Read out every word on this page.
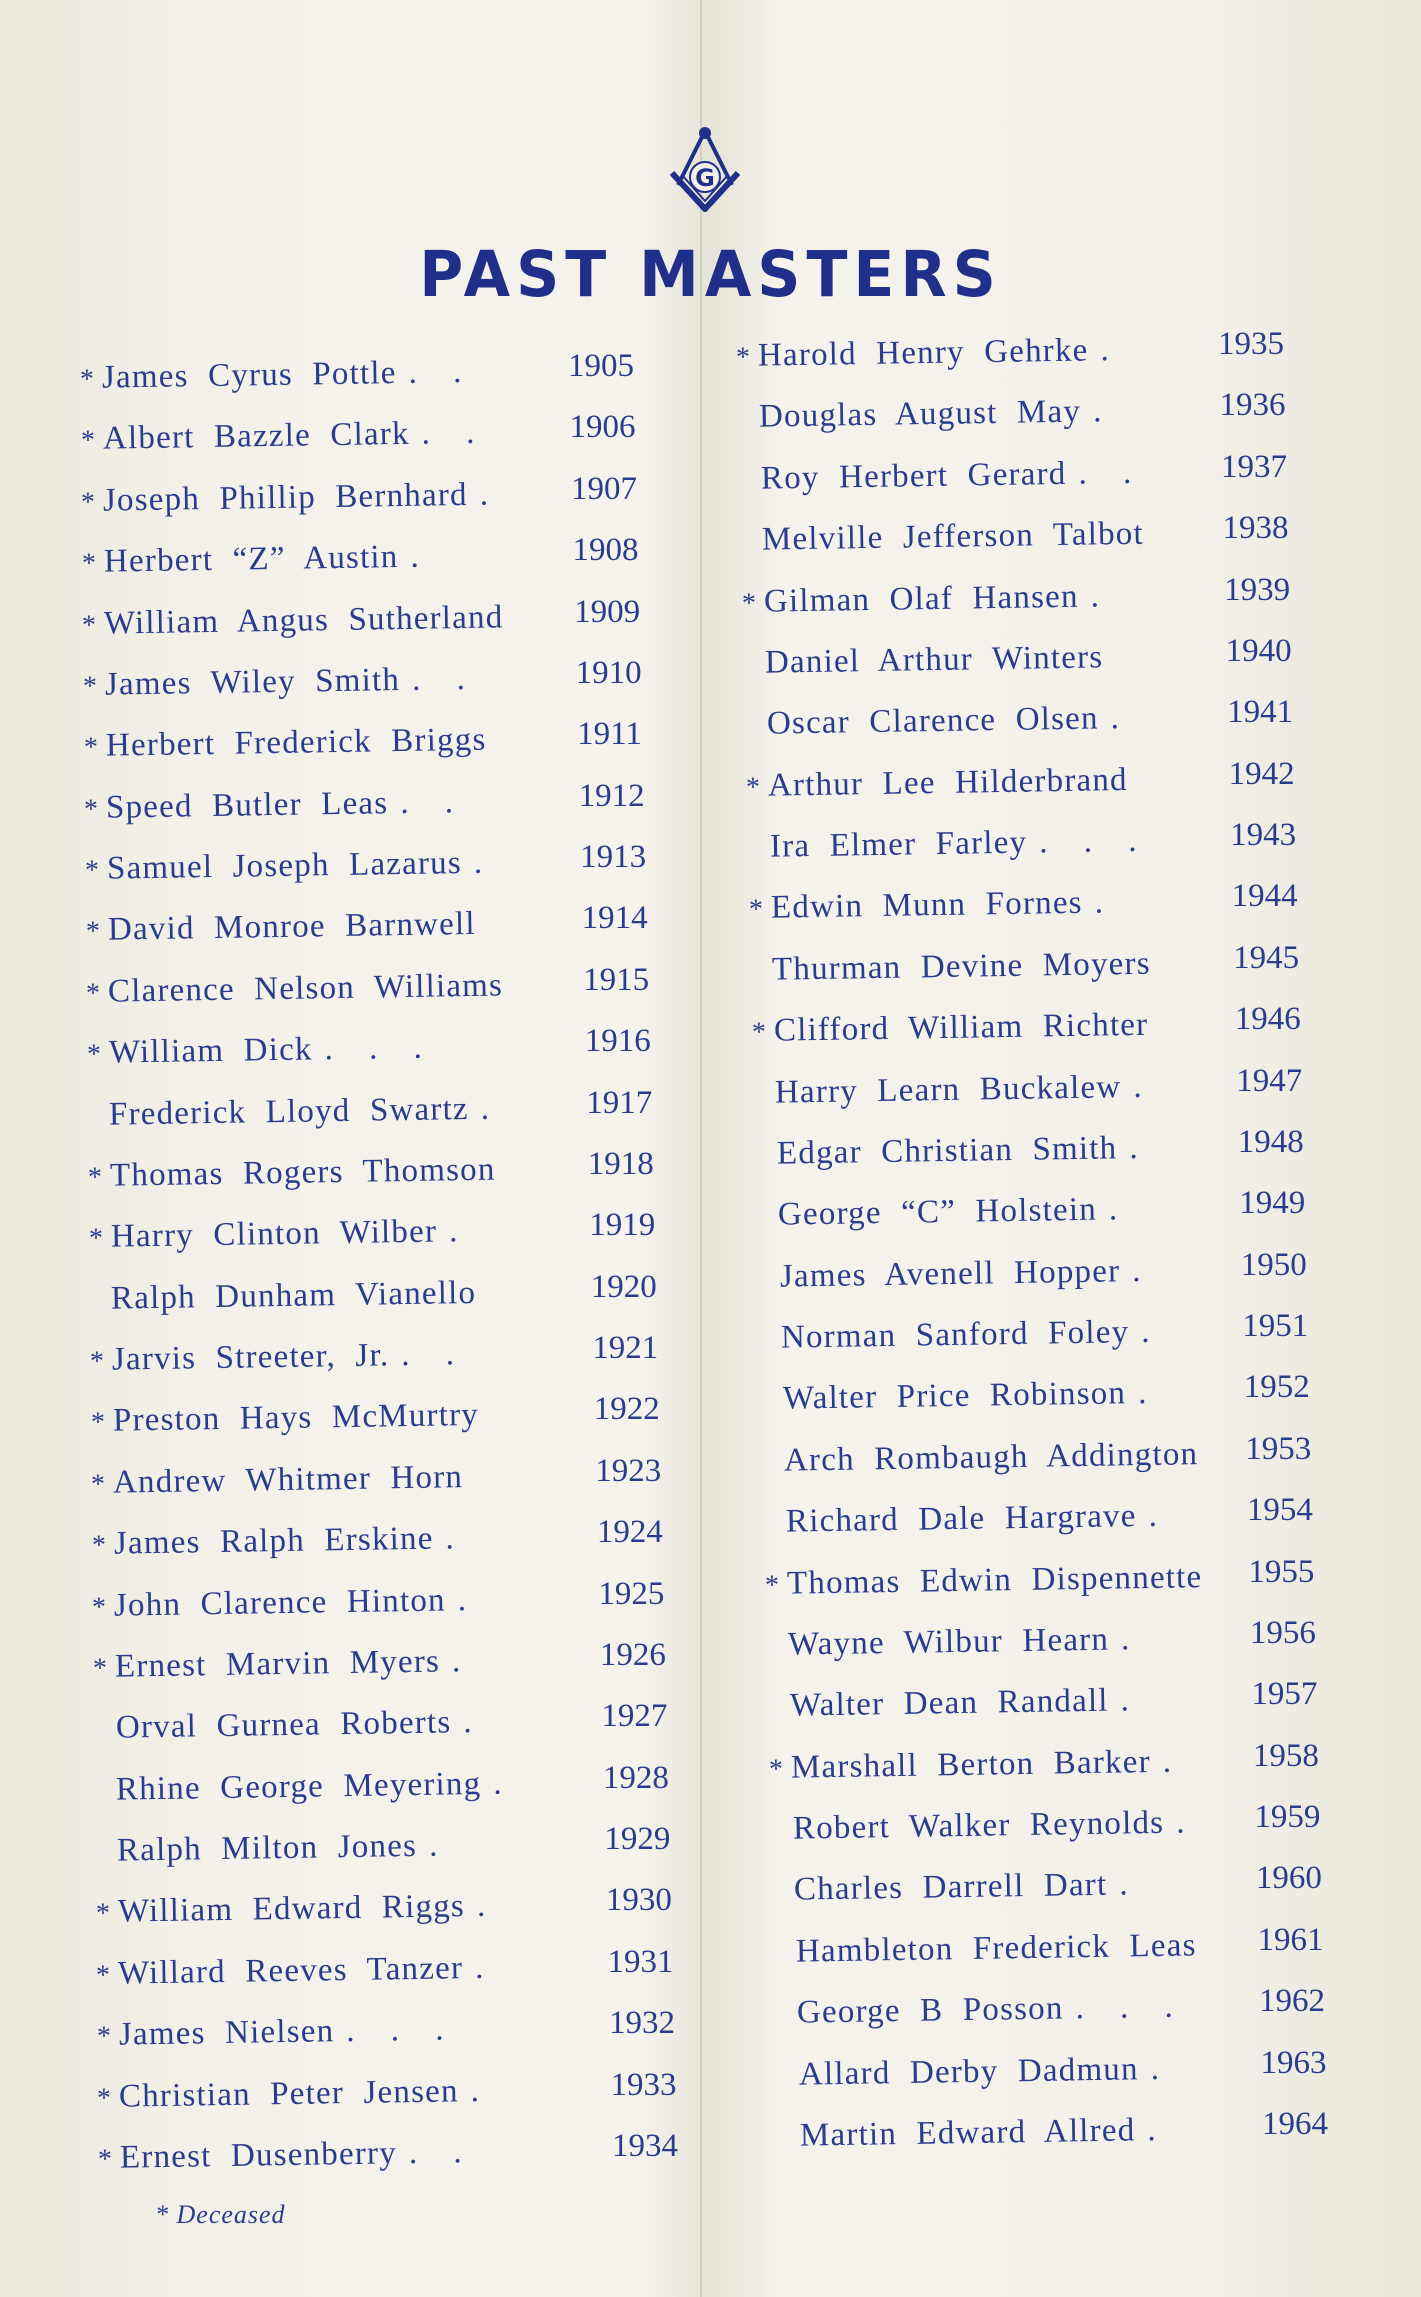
G
PAST MASTERS
* James Cyrus Pottle . .	1905
* Albert Bazzle Clark . . 1906
* Joseph Phillip Bernhard . 1907
* Herbert “Z” Austin .	1908
* William Angus Sutherland	1909
* James Wiley Smith . .	1910
* Herbert Frederick Briggs	1911
* Speed Butler Leas . .	1912
* Samuel Joseph Lazarus .	1913
* David Monroe Barnwell	1914
* Clarence Nelson Williams	1915
* William Dick . . .	1916
Frederick Lloyd Swartz . 1917
* Thomas Rogers Thomson	1918
* Harry Clinton Wilber .	1919
Ralph Dunham Vianello	1920
* Jarvis Streeter, Jr. . .	1921
* Preston Hays McMurtry	1922
* Andrew Whitmer Horn	1923
* James Ralph Erskine .	1924
* John Clarence Hinton .	1925
* Ernest Marvin Myers .	1926
Orval Gurnea Roberts .	1927
Rhine George Meyering .	1928
Ralph Milton Jones .	1929
* William Edward Riggs .	1930
* Willard Reeves Tanzer .	1931
* James Nielsen . . .	1932
* Christian Peter Jensen .	1933
* Ernest Dusenberry . .	1934
* Harold Henry Gehrke .	1935
Douglas August May .	1936
Roy Herbert Gerard . . 1937
Melville Jefferson Talbot	1938
* Gilman Olaf Hansen .	1939
Daniel Arthur Winters	1940
Oscar Clarence Olsen .	1941
* Arthur Lee Hilderbrand	1942
Ira Elmer Farley . . . 1943
* Edwin Munn Fornes .	1944
Thurman Devine Moyers	1945
* Clifford William Richter	1946
Harry Learn Buckalew . 1947
Edgar Christian Smith .	1948
George “C” Holstein .	1949
James Avenell Hopper .	1950
Norman Sanford Foley . 1951
Walter Price Robinson .	1952
Arch Rombaugh Addington	1953
Richard Dale Hargrave . 1954
* Thomas Edwin Dispennette	1955
Wayne Wilbur Hearn .	1956
Walter Dean Randall .	1957
* Marshall Berton Barker . 1958
Robert Walker Reynolds . 1959
Charles Darrell Dart .	1960
Hambleton Frederick Leas	1961
George B Posson . . . 1962
Allard Derby Dadmun .	1963
Martin Edward Allred .	1964
* Deceased
